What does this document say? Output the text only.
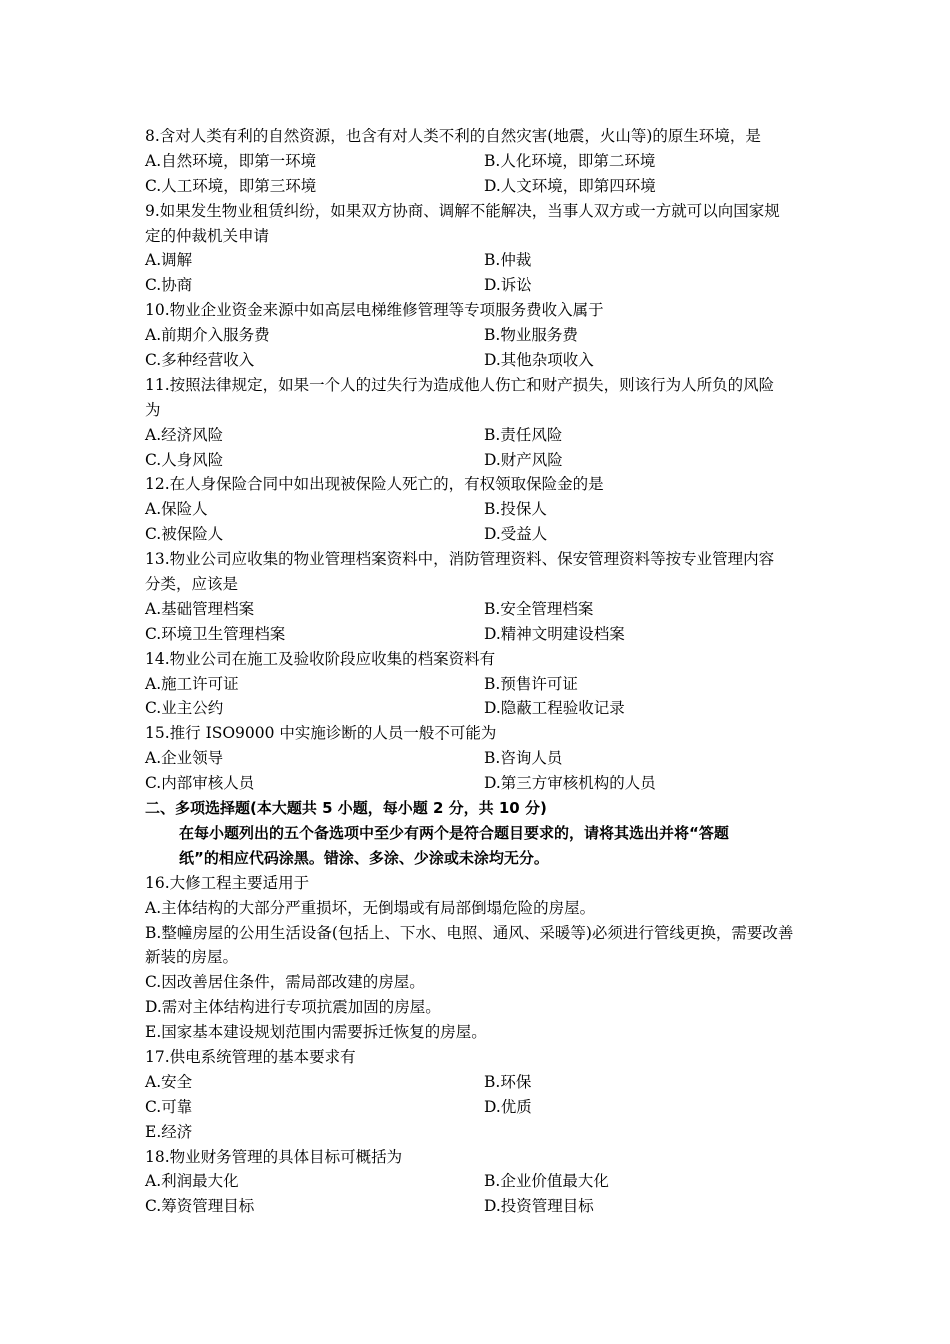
8.含对人类有利的自然资源，也含有对人类不利的自然灾害(地震，火山等)的原生环境，是
A.自然环境，即第一环境	B.人化环境，即第二环境
C.人工环境，即第三环境	D.人文环境，即第四环境
9.如果发生物业租赁纠纷，如果双方协商、调解不能解决，当事人双方或一方就可以向国家规
定的仲裁机关申请
A.调解	B.仲裁
C.协商	D.诉讼
10.物业企业资金来源中如高层电梯维修管理等专项服务费收入属于
A.前期介入服务费	B.物业服务费
C.多种经营收入	D.其他杂项收入
11.按照法律规定，如果一个人的过失行为造成他人伤亡和财产损失，则该行为人所负的风险
为
A.经济风险	B.责任风险
C.人身风险	D.财产风险
12.在人身保险合同中如出现被保险人死亡的，有权领取保险金的是
A.保险人	B.投保人
C.被保险人	D.受益人
13.物业公司应收集的物业管理档案资料中，消防管理资料、保安管理资料等按专业管理内容
分类，应该是
A.基础管理档案	B.安全管理档案
C.环境卫生管理档案	D.精神文明建设档案
14.物业公司在施工及验收阶段应收集的档案资料有
A.施工许可证	B.预售许可证
C.业主公约	D.隐蔽工程验收记录
15.推行 ISO9000 中实施诊断的人员一般不可能为
A.企业领导	B.咨询人员
C.内部审核人员	D.第三方审核机构的人员
二、多项选择题(本大题共 5 小题，每小题 2 分，共 10 分)
在每小题列出的五个备选项中至少有两个是符合题目要求的，请将其选出并将“答题
纸”的相应代码涂黑。错涂、多涂、少涂或未涂均无分。
16.大修工程主要适用于
A.主体结构的大部分严重损坏，无倒塌或有局部倒塌危险的房屋。
B.整幢房屋的公用生活设备(包括上、下水、电照、通风、采暖等)必须进行管线更换，需要改善
新装的房屋。
C.因改善居住条件，需局部改建的房屋。
D.需对主体结构进行专项抗震加固的房屋。
E.国家基本建设规划范围内需要拆迁恢复的房屋。
17.供电系统管理的基本要求有
A.安全	B.环保
C.可靠	D.优质
E.经济
18.物业财务管理的具体目标可概括为
A.利润最大化	B.企业价值最大化
C.筹资管理目标	D.投资管理目标
